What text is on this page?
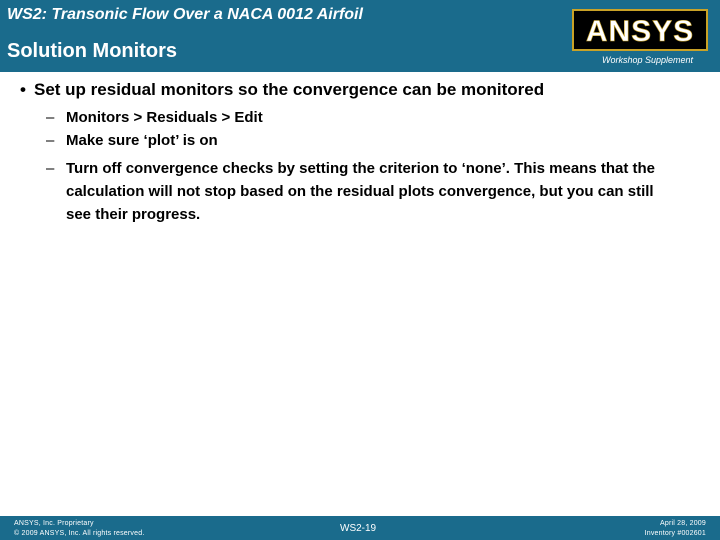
WS2: Transonic Flow Over a NACA 0012 Airfoil
Solution Monitors
ANSYS
Workshop Supplement
• Set up residual monitors so the convergence can be monitored
– Monitors > Residuals > Edit
– Make sure ‘plot’ is on
– Turn off convergence checks by setting the criterion to ‘none’. This means that the calculation will not stop based on the residual plots convergence, but you can still see their progress.
ANSYS, Inc. Proprietary
© 2009 ANSYS, Inc. All rights reserved.	WS2-19	April 28, 2009
Inventory #002601
